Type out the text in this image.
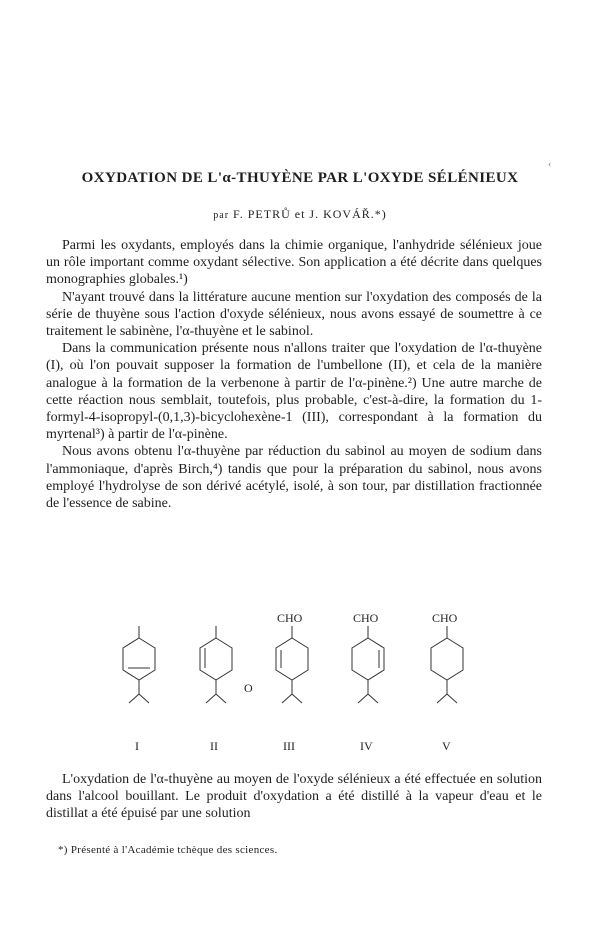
‹
OXYDATION DE L'α-THUYÈNE PAR L'OXYDE SÉLÉNIEUX
par F. PETRŮ et J. KOVÁŘ.*)

Parmi les oxydants, employés dans la chimie organique, l'anhydride sélénieux joue un rôle important comme oxydant sélective. Son application a été décrite dans quelques monographies globales.¹)

N'ayant trouvé dans la littérature aucune mention sur l'oxydation des composés de la série de thuyène sous l'action d'oxyde sélénieux, nous avons essayé de soumettre à ce traitement le sabinène, l'α-thuyène et le sabinol.

Dans la communication présente nous n'allons traiter que l'oxydation de l'α-thuyène (I), où l'on pouvait supposer la formation de l'umbellone (II), et cela de la manière analogue à la formation de la verbenone à partir de l'α-pinène.²) Une autre marche de cette réaction nous semblait, toutefois, plus probable, c'est-à-dire, la formation du 1-formyl-4-isopropyl-(0,1,3)-bicyclohexène-1 (III), correspondant à la formation du myrtenal³) à partir de l'α-pinène.

Nous avons obtenu l'α-thuyène par réduction du sabinol au moyen de sodium dans l'ammoniaque, d'après Birch,⁴) tandis que pour la préparation du sabinol, nous avons employé l'hydrolyse de son dérivé acétylé, isolé, à son tour, par distillation fractionnée de l'essence de sabine.

O
CHO	CHO	CHO
I	II	III	IV	V

L'oxydation de l'α-thuyène au moyen de l'oxyde sélénieux a été effectuée en solution dans l'alcool bouillant. Le produit d'oxydation a été distillé à la vapeur d'eau et le distillat a été épuisé par une solution

*) Présenté à l'Académie tchèque des sciences.
